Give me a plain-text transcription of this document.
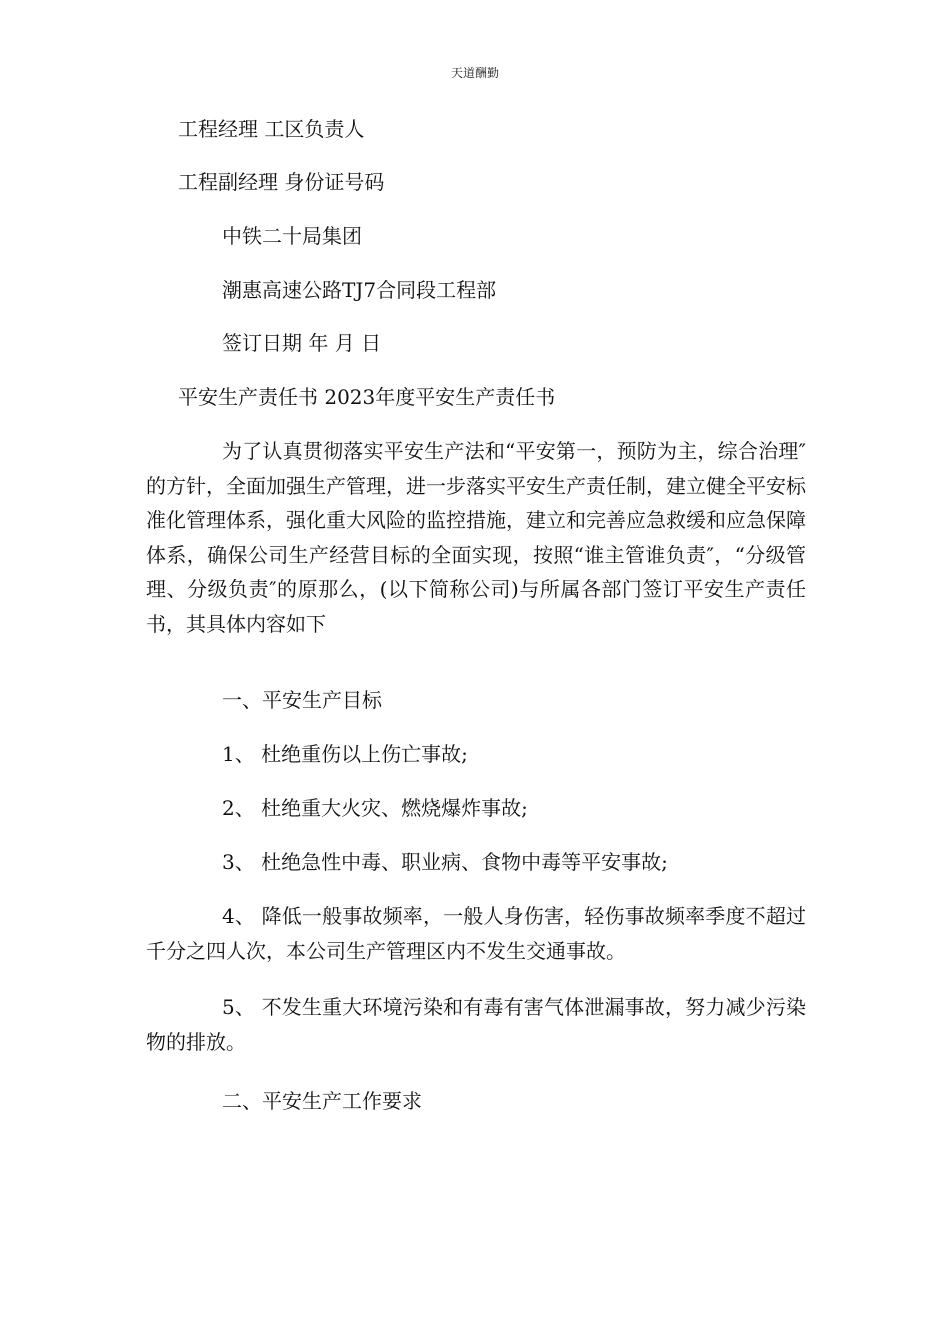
天道酬勤
工程经理 工区负责人
工程副经理 身份证号码
中铁二十局集团
潮惠高速公路TJ7合同段工程部
签订日期 年 月 日
平安生产责任书 2023年度平安生产责任书

为了认真贯彻落实平安生产法和“平安第一，预防为主，综合治理″的方针，全面加强生产管理，进一步落实平安生产责任制，建立健全平安标准化管理体系，强化重大风险的监控措施，建立和完善应急救缓和应急保障体系，确保公司生产经营目标的全面实现，按照“谁主管谁负责″，“分级管理、分级负责″的原那么，(以下简称公司)与所属各部门签订平安生产责任书，其具体内容如下

一、平安生产目标
1、 杜绝重伤以上伤亡事故;
2、 杜绝重大火灾、燃烧爆炸事故;
3、 杜绝急性中毒、职业病、食物中毒等平安事故;

4、 降低一般事故频率，一般人身伤害，轻伤事故频率季度不超过千分之四人次，本公司生产管理区内不发生交通事故。

5、 不发生重大环境污染和有毒有害气体泄漏事故，努力减少污染物的排放。

二、平安生产工作要求
